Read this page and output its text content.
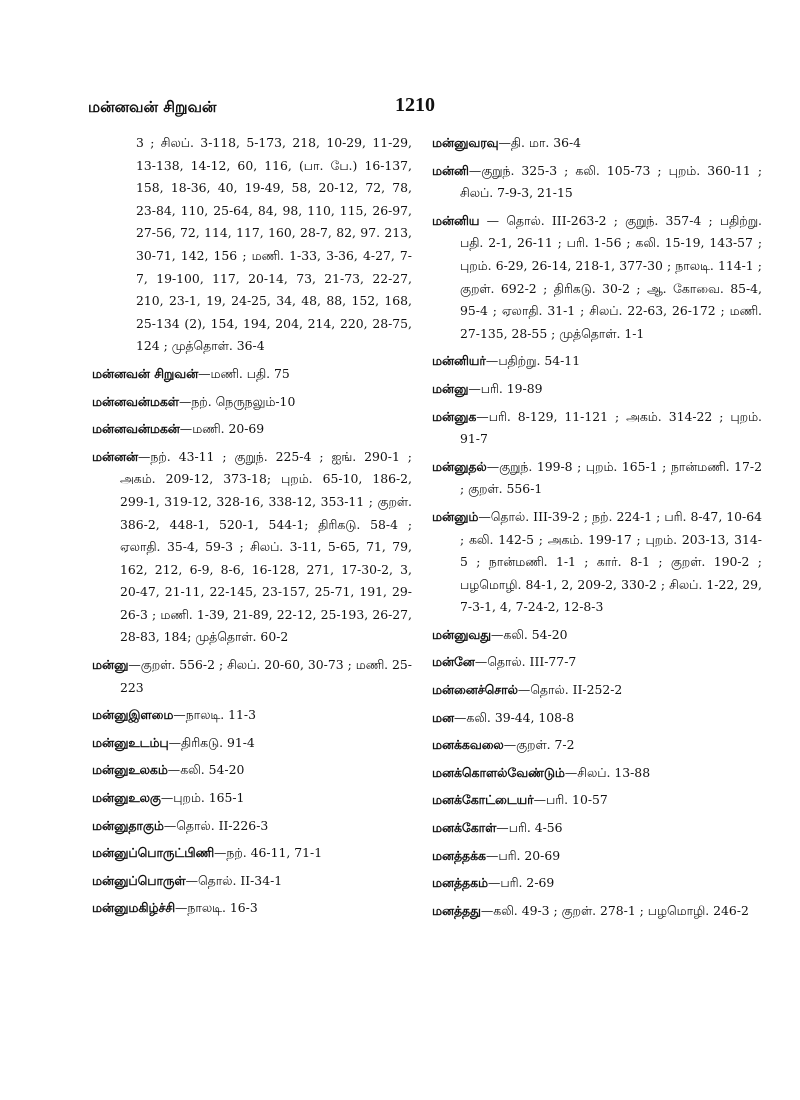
மன்னவன் சிறுவன்	1210

3 ; சிலப். 3-118, 5-173, 218, 10-29, 11-29, 13-138, 14-12, 60, 116, (பா. பே.) 16-137, 158, 18-36, 40, 19-49, 58, 20-12, 72, 78, 23-84, 110, 25-64, 84, 98, 110, 115, 26-97, 27-56, 72, 114, 117, 160, 28-7, 82, 97. 213, 30-71, 142, 156 ; மணி. 1-33, 3-36, 4-27, 7-7, 19-100, 117, 20-14, 73, 21-73, 22-27, 210, 23-1, 19, 24-25, 34, 48, 88, 152, 168, 25-134 (2), 154, 194, 204, 214, 220, 28-75, 124 ; முத்தொள். 36-4

மன்னவன் சிறுவன்—மணி. பதி. 75

மன்னவன்மகள்—நற். நெருநலும்-10

மன்னவன்மகன்—மணி. 20-69

மன்னன்—நற். 43-11 ; குறுந். 225-4 ; ஐங். 290-1 ; அகம். 209-12, 373-18; புறம். 65-10, 186-2, 299-1, 319-12, 328-16, 338-12, 353-11 ; குறள். 386-2, 448-1, 520-1, 544-1; திரிகடு. 58-4 ; ஏலாதி. 35-4, 59-3 ; சிலப். 3-11, 5-65, 71, 79, 162, 212, 6-9, 8-6, 16-128, 271, 17-30-2, 3, 20-47, 21-11, 22-145, 23-157, 25-71, 191, 29-26-3 ; மணி. 1-39, 21-89, 22-12, 25-193, 26-27, 28-83, 184; முத்தொள். 60-2

மன்னு—குறள். 556-2 ; சிலப். 20-60, 30-73 ; மணி. 25-223

மன்னுஇளமை—நாலடி. 11-3

மன்னுஉடம்பு—திரிகடு. 91-4

மன்னுஉலகம்—கலி. 54-20

மன்னுஉலகு—புறம். 165-1

மன்னுதாகும்—தொல். II-226-3

மன்னுப்பொருட்பிணி—நற். 46-11, 71-1

மன்னுப்பொருள்—தொல். II-34-1

மன்னுமகிழ்ச்சி—நாலடி. 16-3

மன்னுவரவு—தி. மா. 36-4

மன்னி—குறுந். 325-3 ; கலி. 105-73 ; புறம். 360-11 ; சிலப். 7-9-3, 21-15

மன்னிய — தொல். III-263-2 ; குறுந். 357-4 ; பதிற்று. பதி. 2-1, 26-11 ; பரி. 1-56 ; கலி. 15-19, 143-57 ; புறம். 6-29, 26-14, 218-1, 377-30 ; நாலடி. 114-1 ; குறள். 692-2 ; திரிகடு. 30-2 ; ஆ. கோவை. 85-4, 95-4 ; ஏலாதி. 31-1 ; சிலப். 22-63, 26-172 ; மணி. 27-135, 28-55 ; முத்தொள். 1-1

மன்னியர்—பதிற்று. 54-11

மன்னு—பரி. 19-89

மன்னுக—பரி. 8-129, 11-121 ; அகம். 314-22 ; புறம். 91-7

மன்னுதல்—குறுந். 199-8 ; புறம். 165-1 ; நான்மணி. 17-2 ; குறள். 556-1

மன்னும்—தொல். III-39-2 ; நற். 224-1 ; பரி. 8-47, 10-64 ; கலி. 142-5 ; அகம். 199-17 ; புறம். 203-13, 314-5 ; நான்மணி. 1-1 ; கார். 8-1 ; குறள். 190-2 ; பழமொழி. 84-1, 2, 209-2, 330-2 ; சிலப். 1-22, 29, 7-3-1, 4, 7-24-2, 12-8-3

மன்னுவது—கலி. 54-20

மன்னே—தொல். III-77-7

மன்னைச்சொல்—தொல். II-252-2

மன—கலி. 39-44, 108-8

மனக்கவலை—குறள். 7-2

மனக்கொளல்வேண்டும்—சிலப். 13-88

மனக்கோட்டையர்—பரி. 10-57

மனக்கோள்—பரி. 4-56

மனத்தக்க—பரி. 20-69

மனத்தகம்—பரி. 2-69

மனத்தது—கலி. 49-3 ; குறள். 278-1 ; பழமொழி. 246-2
